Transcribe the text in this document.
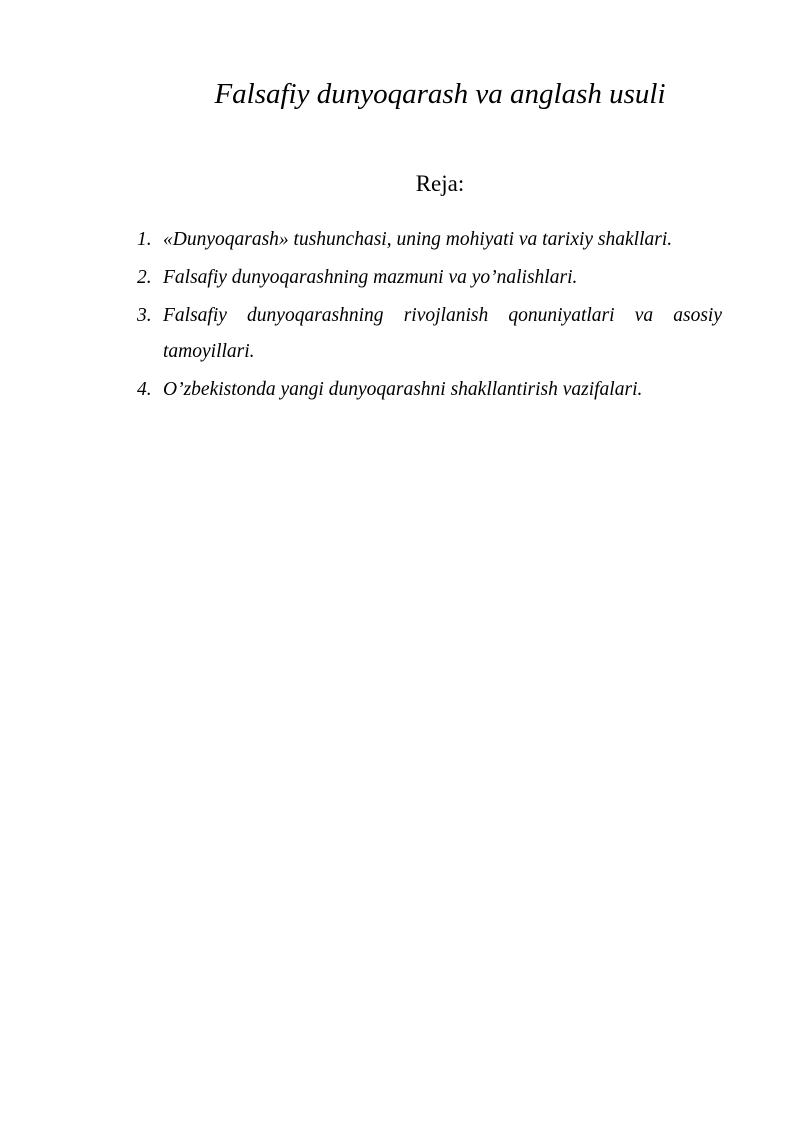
Falsafiy dunyoqarash va anglash usuli
Reja:
1. «Dunyoqarash» tushunchasi, uning mohiyati va tarixiy shakllari.
2. Falsafiy dunyoqarashning mazmuni va yo’nalishlari.
3. Falsafiy dunyoqarashning rivojlanish qonuniyatlari va asosiy tamoyillari.
4. O’zbekistonda yangi dunyoqarashni shakllantirish vazifalari.
